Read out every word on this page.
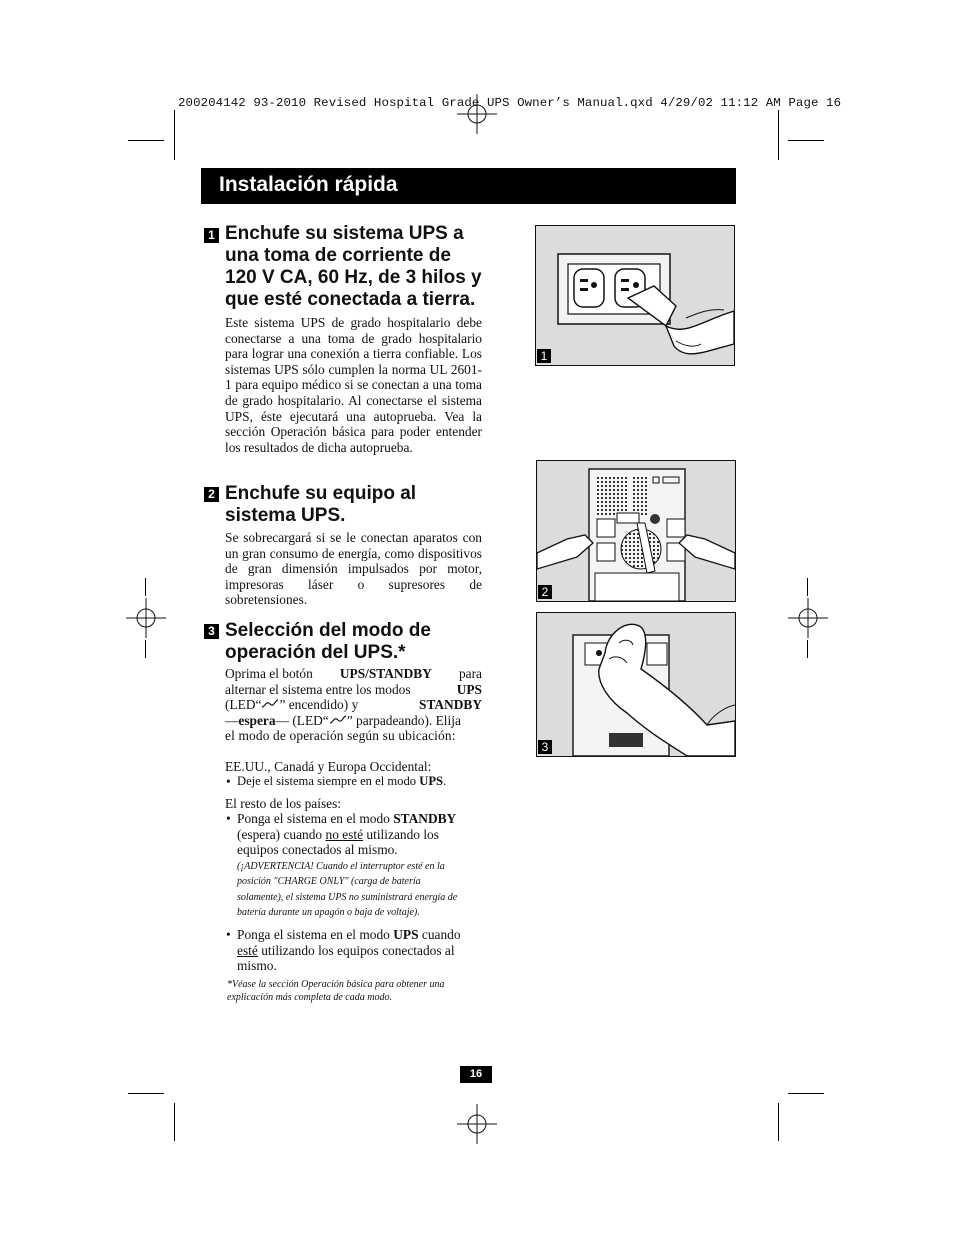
200204142 93-2010 Revised Hospital Grade UPS Owner’s Manual.qxd 4/29/02 11:12 AM Page 16
Instalación rápida
1 Enchufe su sistema UPS a
una toma de corriente de
120 V CA, 60 Hz, de 3 hilos y
que esté conectada a tierra.
Este sistema UPS de grado hospitalario debe conectarse a una toma de grado hospitalario para lograr una conexión a tierra confiable. Los sistemas UPS sólo cumplen la norma UL 2601-1 para equipo médico si se conectan a una toma de grado hospitalario. Al conectarse el sistema UPS, éste ejecutará una autoprueba. Vea la sección Operación básica para poder entender los resultados de dicha autoprueba.
2 Enchufe su equipo al
sistema UPS.
Se sobrecargará si se le conectan aparatos con un gran consumo de energía, como dispositivos de gran dimensión impulsados por motor, impresoras láser o supresores de sobretensiones.
3 Selección del modo de
operación del UPS.*
Oprima el botón UPS/STANDBY para
alternar el sistema entre los modos	UPS
(LED“ ” encendido) y	STANDBY
—espera— (LED“ ” parpadeando). Elija
el modo de operación según su ubicación:
EE.UU., Canadá y Europa Occidental:
• Deje el sistema siempre en el modo UPS.
El resto de los países:
• Ponga el sistema en el modo STANDBY
(espera) cuando no esté utilizando los
equipos conectados al mismo.
(¡ADVERTENCIA! Cuando el interruptor esté en la
posición "CHARGE ONLY" (carga de batería
solamente), el sistema UPS no suministrará energía de
batería durante un apagón o baja de voltaje).
• Ponga el sistema en el modo UPS cuando
esté utilizando los equipos conectados al
mismo.
*Véase la sección Operación básica para obtener una
explicación más completa de cada modo.
1
2
3
16
